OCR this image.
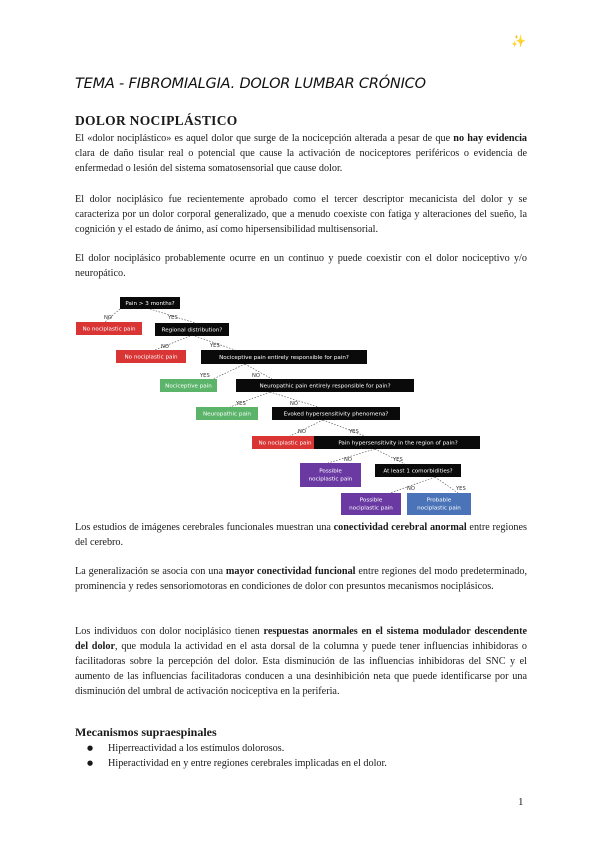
✨
TEMA - FIBROMIALGIA. DOLOR LUMBAR CRÓNICO
DOLOR NOCIPLÁSTICO

El «dolor nociplástico» es aquel dolor que surge de la nocicepción alterada a pesar de que no hay evidencia clara de daño tisular real o potencial que cause la activación de nociceptores periféricos o evidencia de enfermedad o lesión del sistema somatosensorial que cause dolor.

El dolor nociplásico fue recientemente aprobado como el tercer descriptor mecanicista del dolor y se caracteriza por un dolor corporal generalizado, que a menudo coexiste con fatiga y alteraciones del sueño, la cognición y el estado de ánimo, así como hipersensibilidad multisensorial.

El dolor nociplásico probablemente ocurre en un continuo y puede coexistir con el dolor nociceptivo y/o neuropático.

Pain > 3 months?
No nociplastic pain	Regional distribution?
No nociplastic pain	Nociceptive pain entirely responsible for pain?
Nociceptive pain	Neuropathic pain entirely responsible for pain?
Neuropathic pain	Evoked hypersensitivity phenomena?
No nociplastic pain	Pain hypersensitivity in the region of pain?
Possible
nociplastic pain
At least 1 comorbidities?
Possible
nociplastic pain
Probable
nociplastic pain
NO	YES
NO	YES
YES	NO
YES	NO
NO	YES
NO	YES
NO	YES

Los estudios de imágenes cerebrales funcionales muestran una conectividad cerebral anormal entre regiones del cerebro.

La generalización se asocia con una mayor conectividad funcional entre regiones del modo predeterminado, prominencia y redes sensoriomotoras en condiciones de dolor con presuntos mecanismos nociplásicos.

Los individuos con dolor nociplásico tienen respuestas anormales en el sistema modulador descendente del dolor, que modula la actividad en el asta dorsal de la columna y puede tener influencias inhibidoras o facilitadoras sobre la percepción del dolor. Esta disminución de las influencias inhibidoras del SNC y el aumento de las influencias facilitadoras conducen a una desinhibición neta que puede identificarse por una disminución del umbral de activación nociceptiva en la periferia.

Mecanismos supraespinales
● Hiperreactividad a los estímulos dolorosos.
● Hiperactividad en y entre regiones cerebrales implicadas en el dolor.
1
